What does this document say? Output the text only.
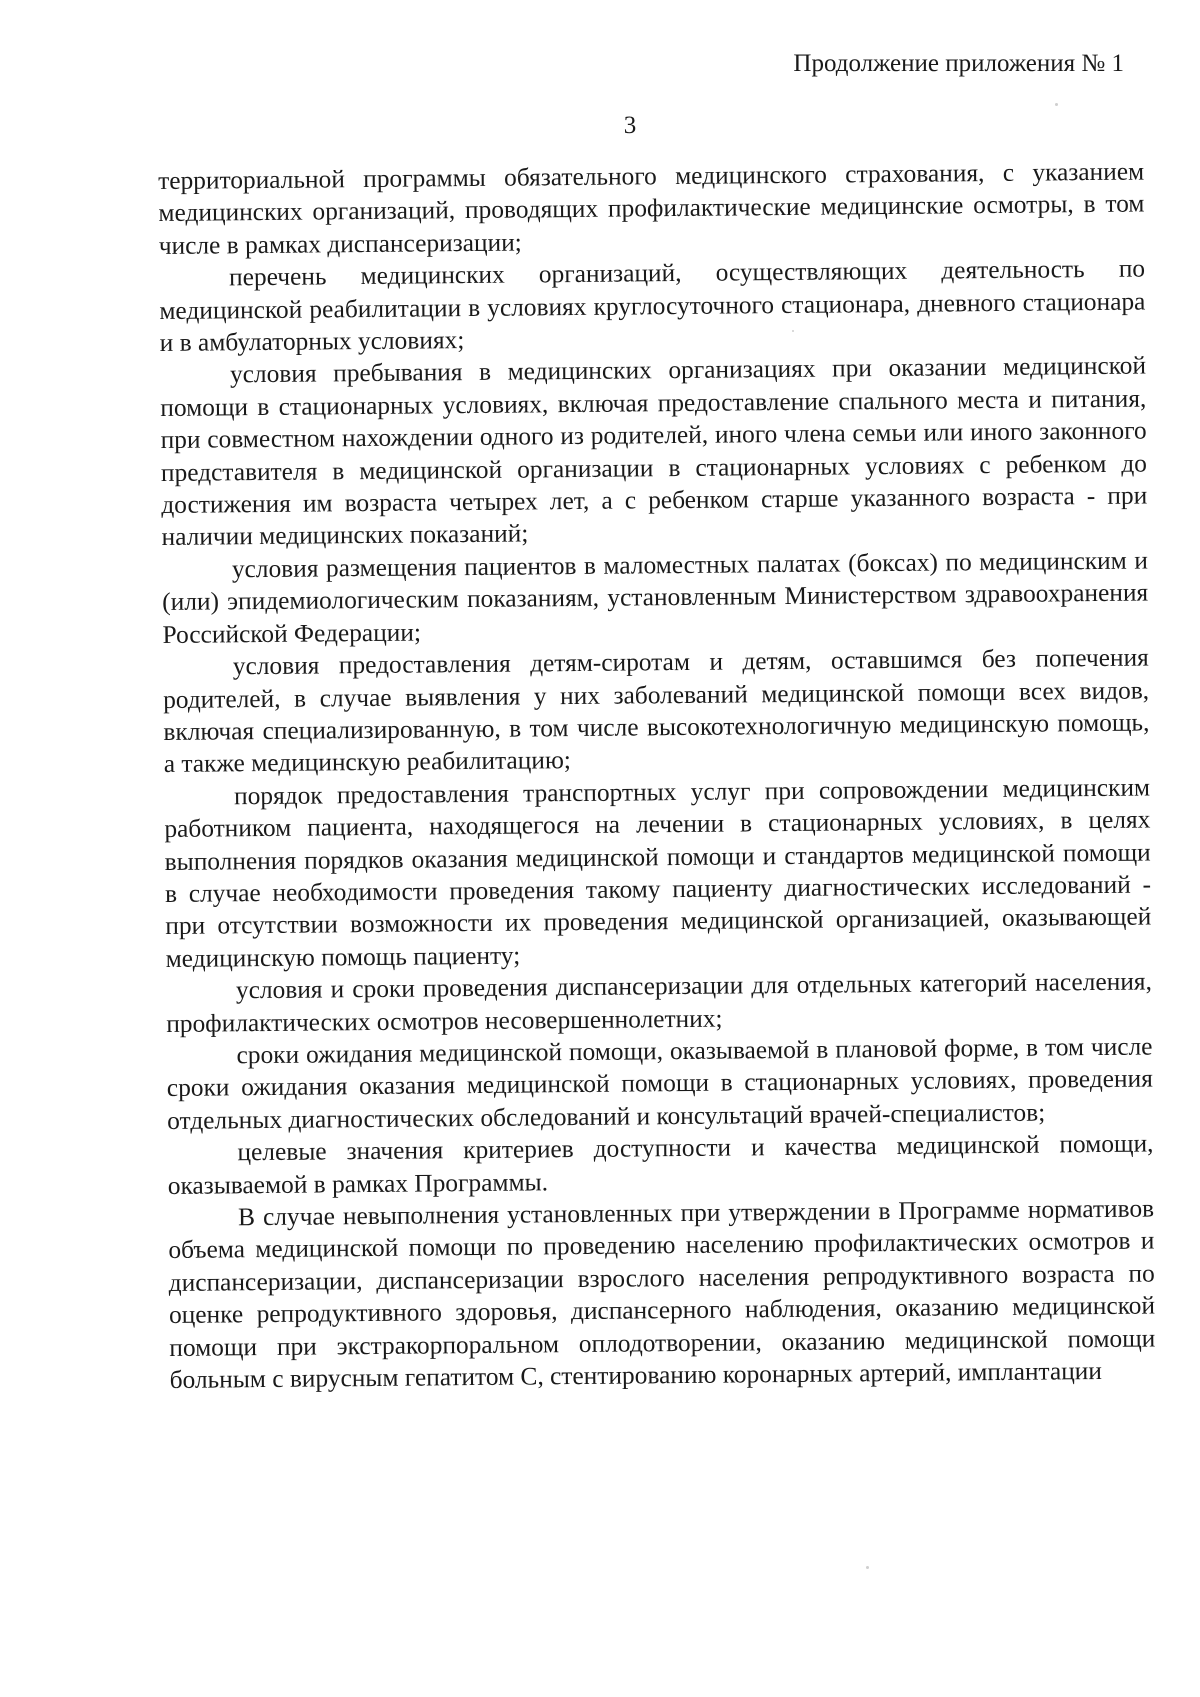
Продолжение приложения № 1
3

территориальной программы обязательного медицинского страхования, с указанием медицинских организаций, проводящих профилактические медицинские осмотры, в том числе в рамках диспансеризации;

перечень медицинских организаций, осуществляющих деятельность по медицинской реабилитации в условиях круглосуточного стационара, дневного стационара и в амбулаторных условиях;

условия пребывания в медицинских организациях при оказании медицинской помощи в стационарных условиях, включая предоставление спального места и питания, при совместном нахождении одного из родителей, иного члена семьи или иного законного представителя в медицинской организации в стационарных условиях с ребенком до достижения им возраста четырех лет, а с ребенком старше указанного возраста - при наличии медицинских показаний;

условия размещения пациентов в маломестных палатах (боксах) по медицинским и (или) эпидемиологическим показаниям, установленным Министерством здравоохранения Российской Федерации;

условия предоставления детям-сиротам и детям, оставшимся без попечения родителей, в случае выявления у них заболеваний медицинской помощи всех видов, включая специализированную, в том числе высокотехнологичную медицинскую помощь, а также медицинскую реабилитацию;

порядок предоставления транспортных услуг при сопровождении медицинским работником пациента, находящегося на лечении в стационарных условиях, в целях выполнения порядков оказания медицинской помощи и стандартов медицинской помощи в случае необходимости проведения такому пациенту диагностических исследований - при отсутствии возможности их проведения медицинской организацией, оказывающей медицинскую помощь пациенту;

условия и сроки проведения диспансеризации для отдельных категорий населения, профилактических осмотров несовершеннолетних;

сроки ожидания медицинской помощи, оказываемой в плановой форме, в том числе сроки ожидания оказания медицинской помощи в стационарных условиях, проведения отдельных диагностических обследований и консультаций врачей-специалистов;

целевые значения критериев доступности и качества медицинской помощи, оказываемой в рамках Программы.

В случае невыполнения установленных при утверждении в Программе нормативов объема медицинской помощи по проведению населению профилактических осмотров и диспансеризации, диспансеризации взрослого населения репродуктивного возраста по оценке репродуктивного здоровья, диспансерного наблюдения, оказанию медицинской помощи при экстракорпоральном оплодотворении, оказанию медицинской помощи больным с вирусным гепатитом С, стентированию коронарных артерий, имплантации
